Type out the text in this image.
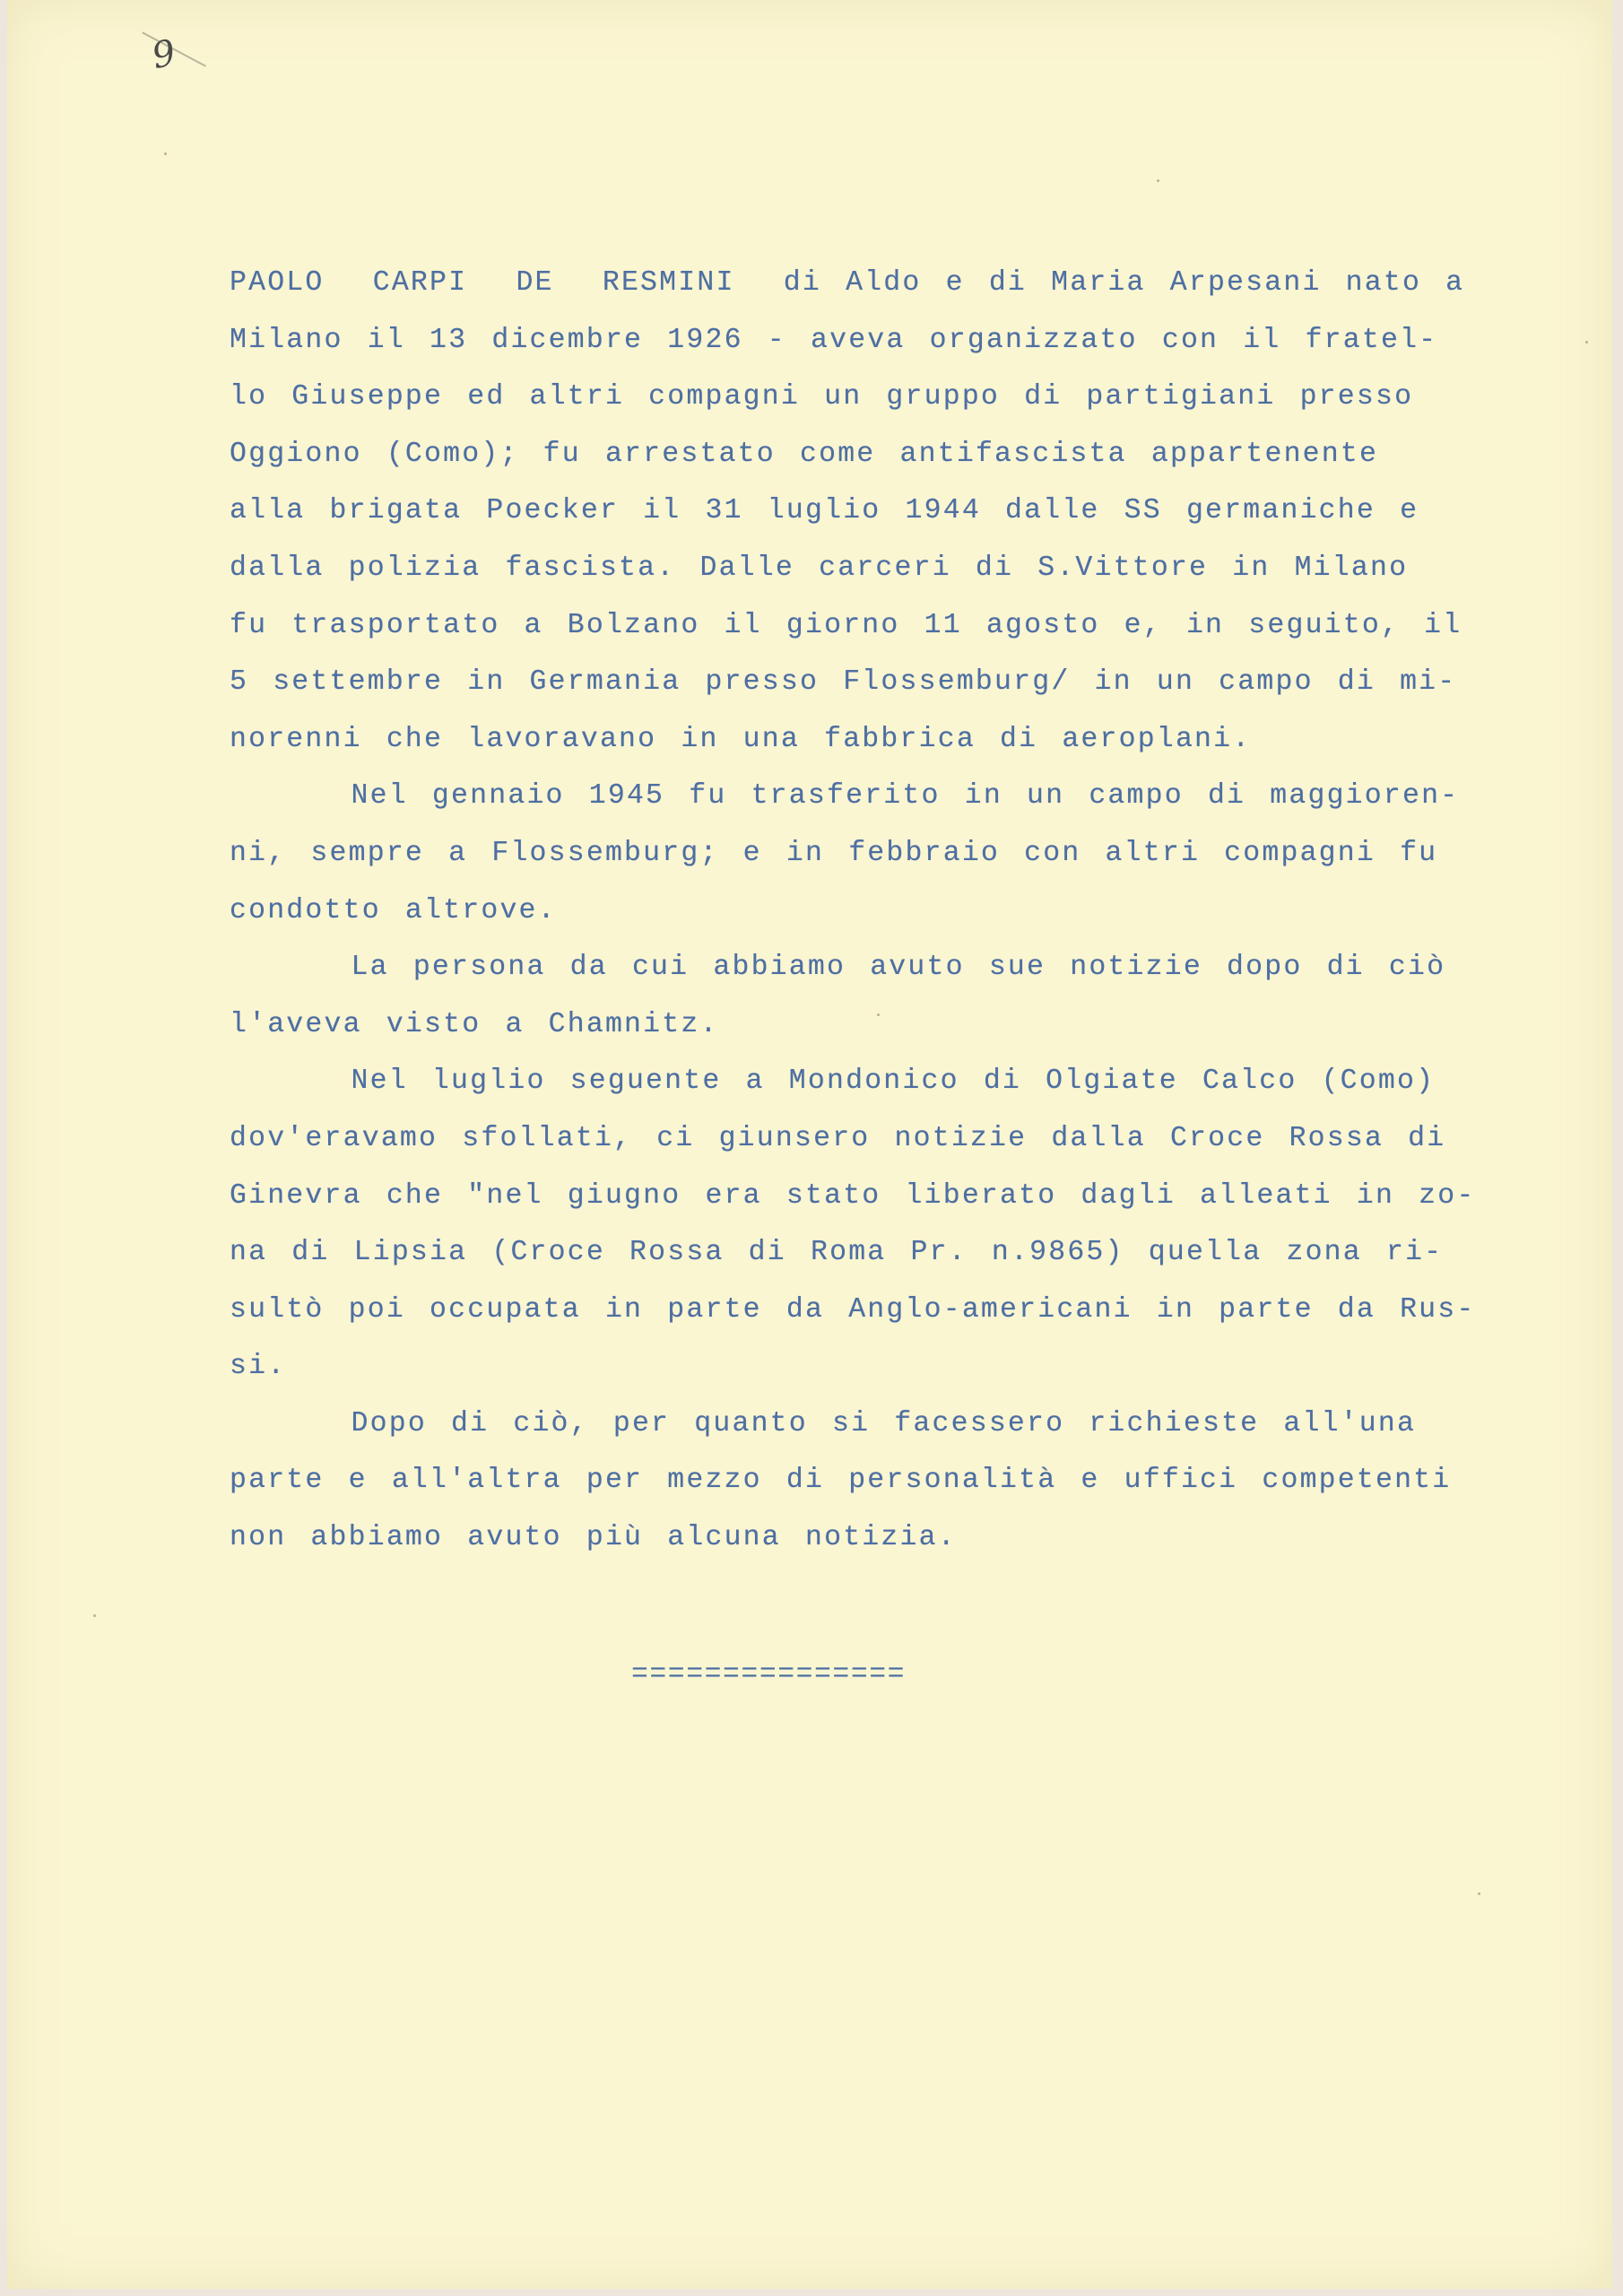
9
PAOLO  CARPI  DE  RESMINI  di Aldo e di Maria Arpesani nato a
Milano il 13 dicembre 1926 - aveva organizzato con il fratel-
lo Giuseppe ed altri compagni un gruppo di partigiani presso
Oggiono (Como); fu arrestato come antifascista appartenente
alla brigata Poecker il 31 luglio 1944 dalle SS germaniche e
dalla polizia fascista. Dalle carceri di S.Vittore in Milano
fu trasportato a Bolzano il giorno 11 agosto e, in seguito, il
5 settembre in Germania presso Flossemburg/ in un campo di mi-
norenni che lavoravano in una fabbrica di aeroplani.
Nel gennaio 1945 fu trasferito in un campo di maggioren-
ni, sempre a Flossemburg; e in febbraio con altri compagni fu
condotto altrove.
La persona da cui abbiamo avuto sue notizie dopo di ciò
l'aveva visto a Chamnitz.
Nel luglio seguente a Mondonico di Olgiate Calco (Como)
dov'eravamo sfollati, ci giunsero notizie dalla Croce Rossa di
Ginevra che "nel giugno era stato liberato dagli alleati in zo-
na di Lipsia (Croce Rossa di Roma Pr. n.9865) quella zona ri-
sultò poi occupata in parte da Anglo-americani in parte da Rus-
si.
Dopo di ciò, per quanto si facessero richieste all'una
parte e all'altra per mezzo di personalità e uffici competenti
non abbiamo avuto più alcuna notizia.
===============
